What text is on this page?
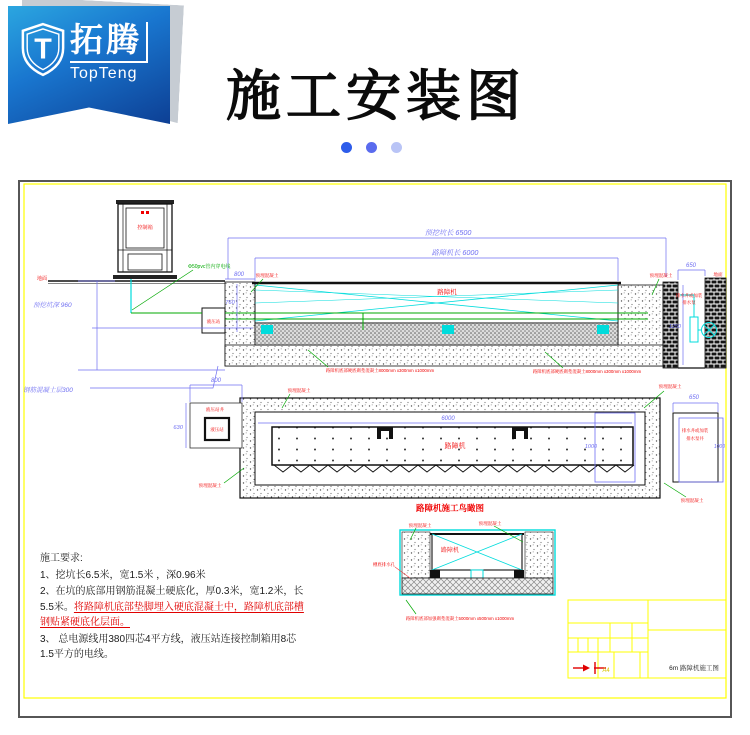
T 拓腾
TopTeng 施工安装图
地面
控制箱
Φ50pvc管内穿电线
预挖坑长 6500
路障机长 6000
预挖坑深 960
800
760
路障机
预埋混凝土	预埋混凝土	地面
650
排水井或加装
排水泵
1250
液压站
路障机底部硬底砌垫混凝土8000mm x300mm x1000mm	路障机底部硬底砌垫混凝土8000mm x300mm x1000mm
钢筋混凝土层300
800
630
液压站井
液压站
6000
路障机	1000
预埋混凝土
预埋混凝土
预埋混凝土
预埋混凝土
650
1000
排水井或加装
排水泵井
路障机施工鸟瞰图
预埋混凝土	预埋混凝土
槽底排水孔
路障机
路障机底部加强砌垫混凝土5000mm x500mm x1000mm
A4	6m 路障机施工图

施工要求:

1、挖坑长6.5米，宽1.5米 ，深0.96米

2、在坑的底部用钢筋混凝土硬底化，厚0.3米，宽1.2米，长5.5米。将路障机底部垫脚埋入硬底混凝土中，路障机底部槽钢贴紧硬底化层面。

3、 总电源线用380四芯4平方线，液压站连接控制箱用8芯1.5平方的电线。
